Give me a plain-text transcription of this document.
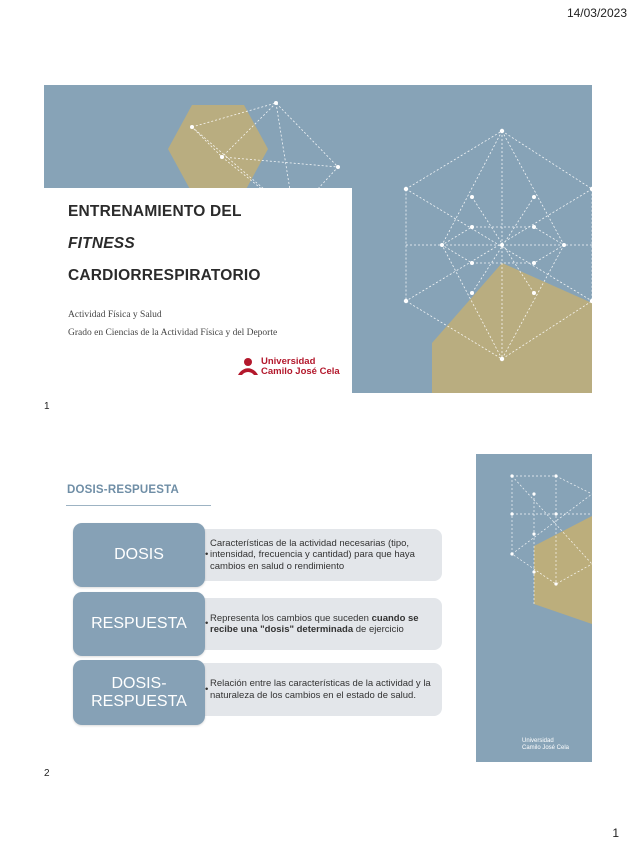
14/03/2023
ENTRENAMIENTO DEL
FITNESS
CARDIORRESPIRATORIO
Actividad Física y Salud
Grado en Ciencias de la Actividad Física y del Deporte
Universidad
Camilo José Cela
1
DOSIS-RESPUESTA
•
Características de la actividad necesarias (tipo, intensidad, frecuencia y cantidad) para que haya cambios en salud o rendimiento
DOSIS
•
Representa los cambios que suceden cuando se recibe una "dosis" determinada de ejercicio
RESPUESTA
•
Relación entre las características de la actividad y la naturaleza de los cambios en el estado de salud.
DOSIS-
RESPUESTA
Universidad
Camilo José Cela
2
1
